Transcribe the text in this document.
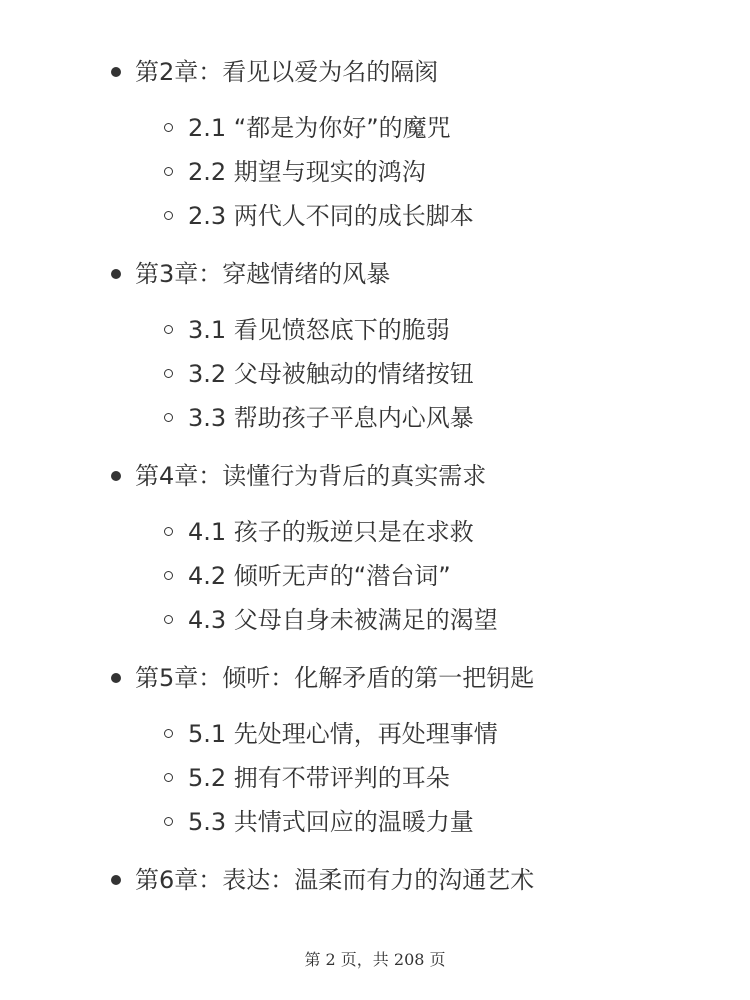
第2章：看见以爱为名的隔阂
2.1 “都是为你好”的魔咒
2.2 期望与现实的鸿沟
2.3 两代人不同的成长脚本
第3章：穿越情绪的风暴
3.1 看见愤怒底下的脆弱
3.2 父母被触动的情绪按钮
3.3 帮助孩子平息内心风暴
第4章：读懂行为背后的真实需求
4.1 孩子的叛逆只是在求救
4.2 倾听无声的“潜台词”
4.3 父母自身未被满足的渴望
第5章：倾听：化解矛盾的第一把钥匙
5.1 先处理心情，再处理事情
5.2 拥有不带评判的耳朵
5.3 共情式回应的温暖力量
第6章：表达：温柔而有力的沟通艺术
第 2 页，共 208 页
